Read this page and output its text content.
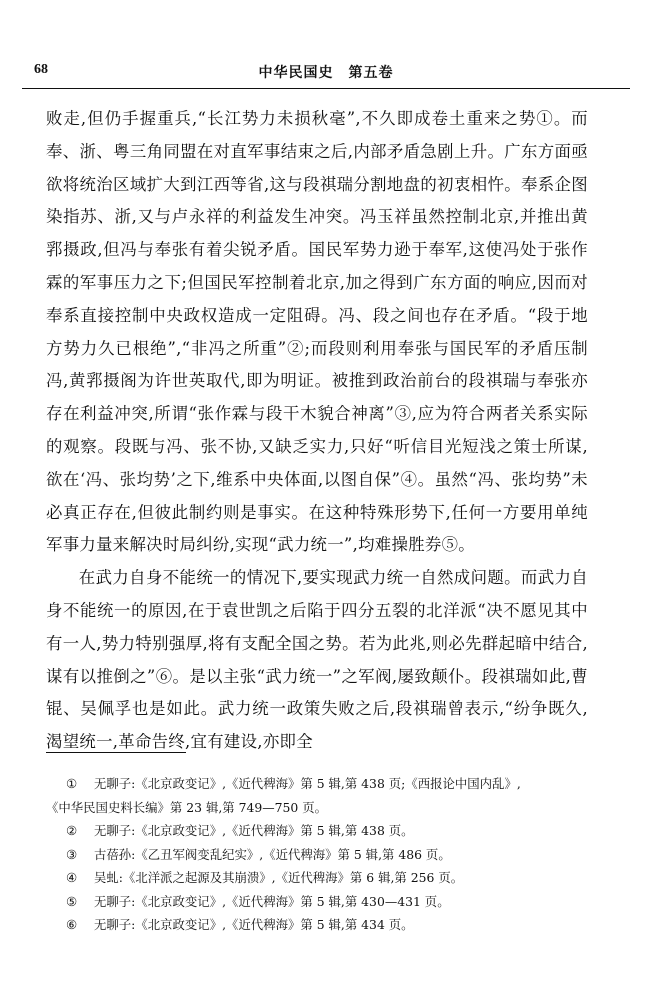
68	中华民国史　第五卷

败走,但仍手握重兵,“长江势力未损秋毫”,不久即成卷土重来之势①。而奉、浙、粤三角同盟在对直军事结束之后,内部矛盾急剧上升。广东方面亟欲将统治区域扩大到江西等省,这与段祺瑞分割地盘的初衷相忤。奉系企图染指苏、浙,又与卢永祥的利益发生冲突。冯玉祥虽然控制北京,并推出黄郛摄政,但冯与奉张有着尖锐矛盾。国民军势力逊于奉军,这使冯处于张作霖的军事压力之下;但国民军控制着北京,加之得到广东方面的响应,因而对奉系直接控制中央政权造成一定阻碍。冯、段之间也存在矛盾。“段于地方势力久已根绝”,“非冯之所重”②;而段则利用奉张与国民军的矛盾压制冯,黄郛摄阁为许世英取代,即为明证。被推到政治前台的段祺瑞与奉张亦存在利益冲突,所谓“张作霖与段干木貌合神离”③,应为符合两者关系实际的观察。段既与冯、张不协,又缺乏实力,只好“听信目光短浅之策士所谋,欲在‘冯、张均势’之下,维系中央体面,以图自保”④。虽然“冯、张均势”未必真正存在,但彼此制约则是事实。在这种特殊形势下,任何一方要用单纯军事力量来解决时局纠纷,实现“武力统一”,均难操胜券⑤。

在武力自身不能统一的情况下,要实现武力统一自然成问题。而武力自身不能统一的原因,在于袁世凯之后陷于四分五裂的北洋派“决不愿见其中有一人,势力特别强厚,将有支配全国之势。若为此兆,则必先群起暗中结合,谋有以推倒之”⑥。是以主张“武力统一”之军阀,屡致颠仆。段祺瑞如此,曹锟、吴佩孚也是如此。武力统一政策失败之后,段祺瑞曾表示,“纷争既久,渴望统一,革命告终,宜有建设,亦即全

① 无聊子:《北京政变记》,《近代稗海》第 5 辑,第 438 页;《西报论中国内乱》,

《中华民国史料长编》第 23 辑,第 749—750 页。

② 无聊子:《北京政变记》,《近代稗海》第 5 辑,第 438 页。

③ 古蓓孙:《乙丑军阀变乱纪实》,《近代稗海》第 5 辑,第 486 页。

④ 吴虬:《北洋派之起源及其崩溃》,《近代稗海》第 6 辑,第 256 页。

⑤ 无聊子:《北京政变记》,《近代稗海》第 5 辑,第 430—431 页。

⑥ 无聊子:《北京政变记》,《近代稗海》第 5 辑,第 434 页。
